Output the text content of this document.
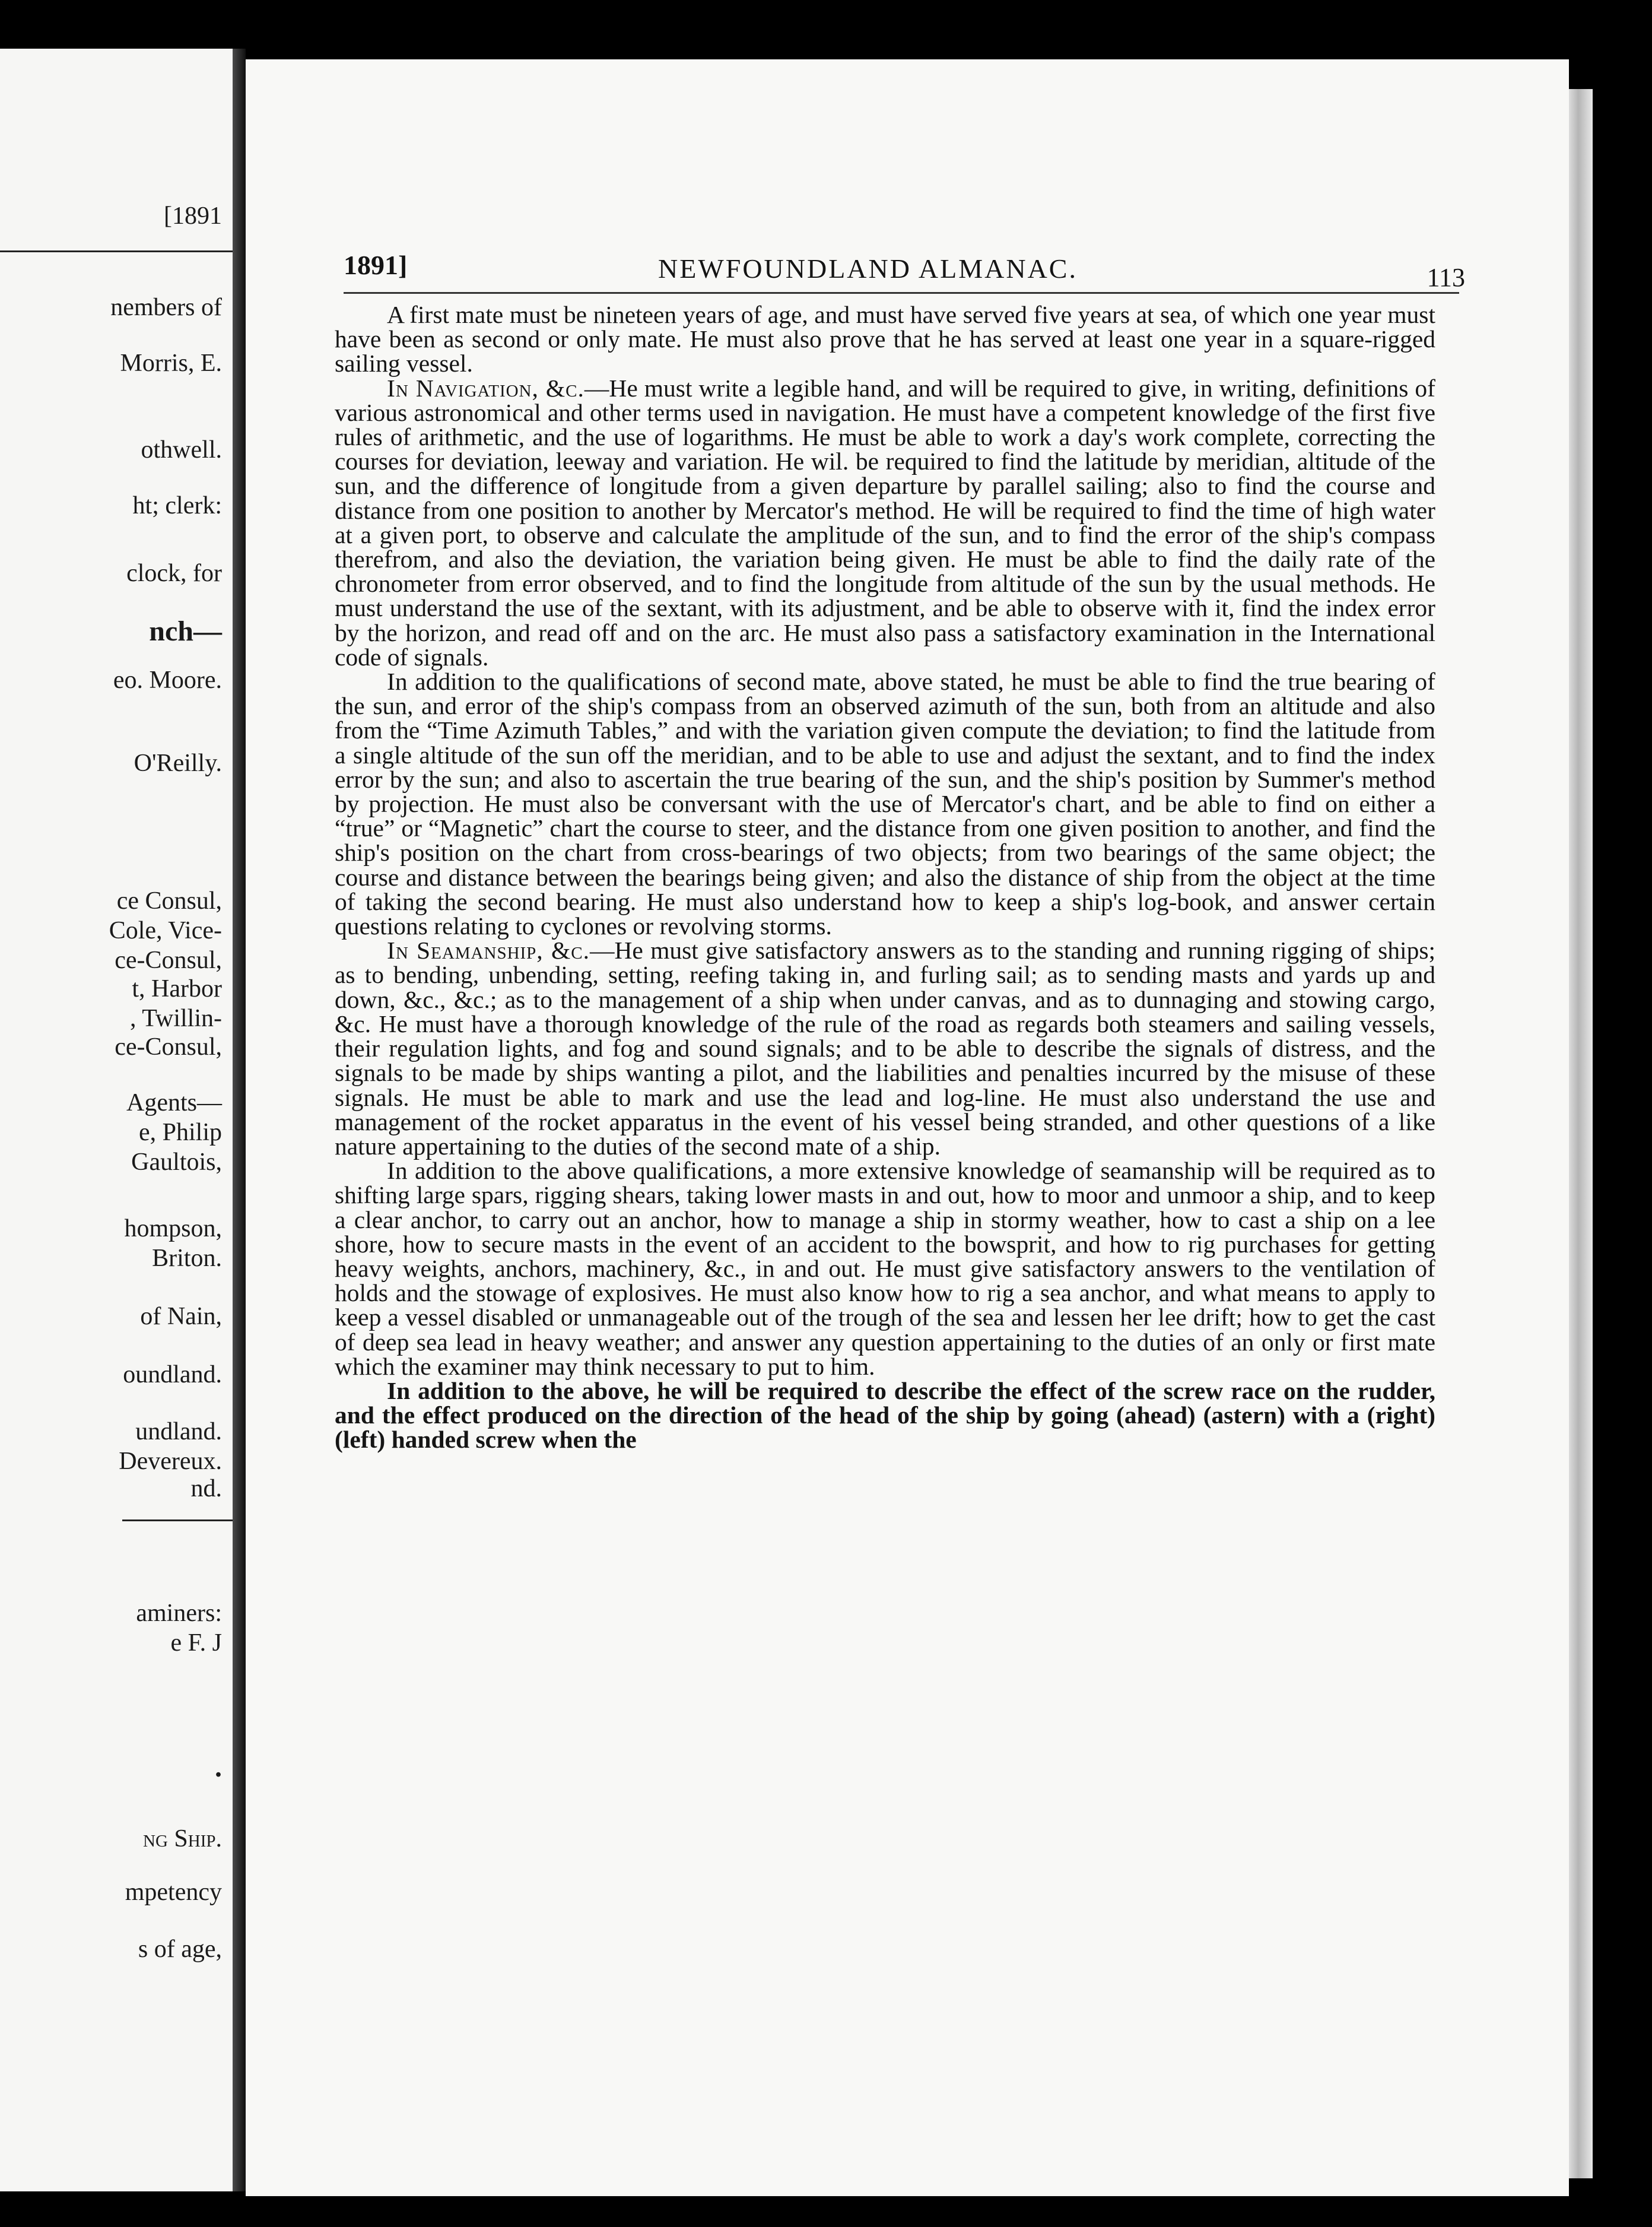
[1891
nembers of
Morris, E.
othwell.
ht; clerk:
clock, for
nch—
eo. Moore.
O'Reilly.
ce Consul,
Cole, Vice-
ce-Consul,
t, Harbor
, Twillin-
ce-Consul,
Agents—
e, Philip
Gaultois,
hompson,
Briton.
of Nain,
oundland.
undland.
Devereux.
nd.
aminers:
e F. J
.
ng Ship.
mpetency
s of age,
1891]	NEWFOUNDLAND ALMANAC.	113

A first mate must be nineteen years of age, and must have served five years at sea, of which one year must have been as second or only mate. He must also prove that he has served at least one year in a square-rigged sailing vessel.

In Navigation, &c.—He must write a legible hand, and will be required to give, in writing, definitions of various astronomical and other terms used in navigation. He must have a competent knowledge of the first five rules of arithmetic, and the use of logarithms. He must be able to work a day's work complete, correcting the courses for deviation, leeway and variation. He wil. be required to find the latitude by meridian, altitude of the sun, and the difference of longitude from a given departure by parallel sailing; also to find the course and distance from one position to another by Mercator's method. He will be required to find the time of high water at a given port, to observe and calculate the amplitude of the sun, and to find the error of the ship's compass therefrom, and also the deviation, the variation being given. He must be able to find the daily rate of the chronometer from error observed, and to find the longitude from altitude of the sun by the usual methods. He must understand the use of the sextant, with its adjustment, and be able to observe with it, find the index error by the horizon, and read off and on the arc. He must also pass a satisfactory examination in the International code of signals.

In addition to the qualifications of second mate, above stated, he must be able to find the true bearing of the sun, and error of the ship's compass from an observed azimuth of the sun, both from an altitude and also from the “Time Azimuth Tables,” and with the variation given compute the deviation; to find the latitude from a single altitude of the sun off the meridian, and to be able to use and adjust the sextant, and to find the index error by the sun; and also to ascertain the true bearing of the sun, and the ship's position by Summer's method by projection. He must also be conversant with the use of Mercator's chart, and be able to find on either a “true” or “Magnetic” chart the course to steer, and the distance from one given position to another, and find the ship's position on the chart from cross-bearings of two objects; from two bearings of the same object; the course and distance between the bearings being given; and also the distance of ship from the object at the time of taking the second bearing. He must also understand how to keep a ship's log-book, and answer certain questions relating to cyclones or revolving storms.

In Seamanship, &c.—He must give satisfactory answers as to the standing and running rigging of ships; as to bending, unbending, setting, reefing taking in, and furling sail; as to sending masts and yards up and down, &c., &c.; as to the management of a ship when under canvas, and as to dunnaging and stowing cargo, &c. He must have a thorough knowledge of the rule of the road as regards both steamers and sailing vessels, their regulation lights, and fog and sound signals; and to be able to describe the signals of distress, and the signals to be made by ships wanting a pilot, and the liabilities and penalties incurred by the misuse of these signals. He must be able to mark and use the lead and log-line. He must also understand the use and management of the rocket apparatus in the event of his vessel being stranded, and other questions of a like nature appertaining to the duties of the second mate of a ship.

In addition to the above qualifications, a more extensive knowledge of seamanship will be required as to shifting large spars, rigging shears, taking lower masts in and out, how to moor and unmoor a ship, and to keep a clear anchor, to carry out an anchor, how to manage a ship in stormy weather, how to cast a ship on a lee shore, how to secure masts in the event of an accident to the bowsprit, and how to rig purchases for getting heavy weights, anchors, machinery, &c., in and out. He must give satisfactory answers to the ventilation of holds and the stowage of explosives. He must also know how to rig a sea anchor, and what means to apply to keep a vessel disabled or unmanageable out of the trough of the sea and lessen her lee drift; how to get the cast of deep sea lead in heavy weather; and answer any question appertaining to the duties of an only or first mate which the examiner may think necessary to put to him.

In addition to the above, he will be required to describe the effect of the screw race on the rudder, and the effect produced on the direction of the head of the ship by going (ahead) (astern) with a (right) (left) handed screw when the
